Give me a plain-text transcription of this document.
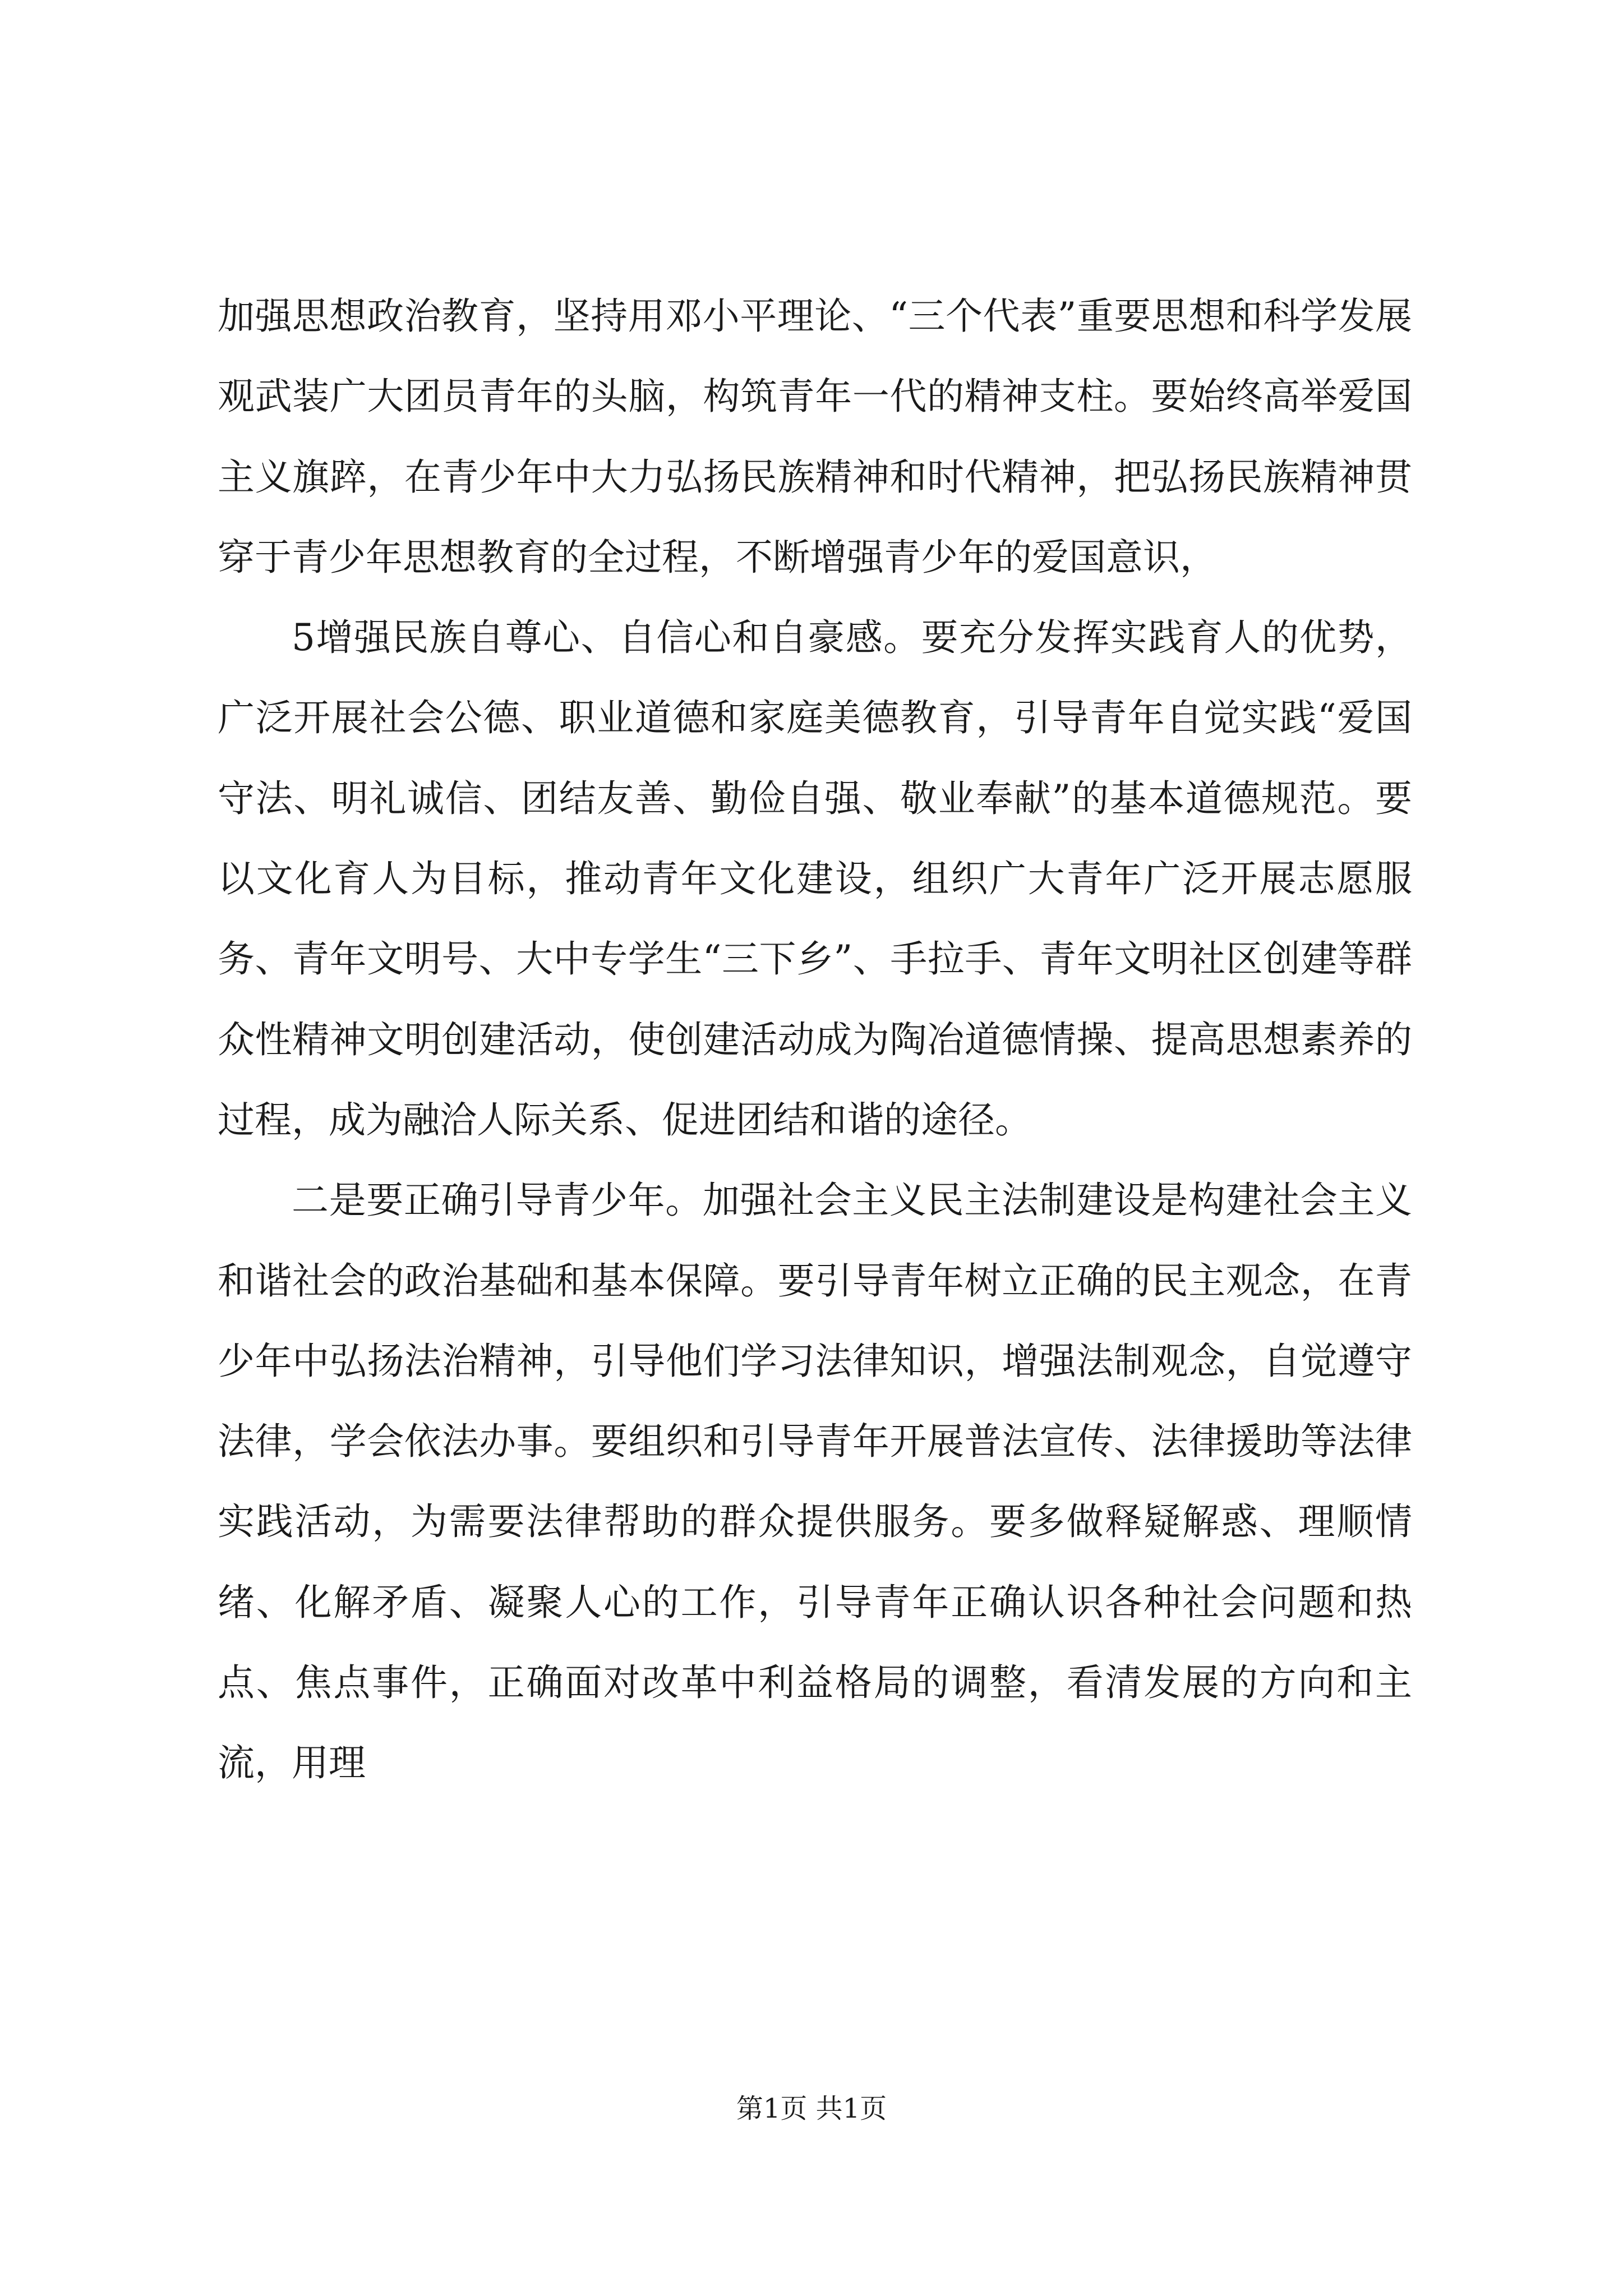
加强思想政治教育，坚持用邓小平理论、“三个代表”重要思想和科学发展观武装广大团员青年的头脑，构筑青年一代的精神支柱。要始终高举爱国主义旗踤，在青少年中大力弘扬民族精神和时代精神，把弘扬民族精神贯穿于青少年思想教育的全过程，不断增强青少年的爱国意识，

5增强民族自尊心、自信心和自豪感。要充分发挥实践育人的优势，广泛开展社会公德、职业道德和家庭美德教育，引导青年自觉实践“爱国守法、明礼诚信、团结友善、勤俭自强、敬业奉献”的基本道德规范。要以文化育人为目标，推动青年文化建设，组织广大青年广泛开展志愿服务、青年文明号、大中专学生“三下乡”、手拉手、青年文明社区创建等群众性精神文明创建活动，使创建活动成为陶冶道德情操、提高思想素养的过程，成为融洽人际关系、促进团结和谐的途径。

二是要正确引导青少年。加强社会主义民主法制建设是构建社会主义和谐社会的政治基础和基本保障。要引导青年树立正确的民主观念，在青少年中弘扬法治精神，引导他们学习法律知识，增强法制观念，自觉遵守法律，学会依法办事。要组织和引导青年开展普法宣传、法律援助等法律实践活动，为需要法律帮助的群众提供服务。要多做释疑解惑、理顺情绪、化解矛盾、凝聚人心的工作，引导青年正确认识各种社会问题和热点、焦点事件，正确面对改革中利益格局的调整，看清发展的方向和主流，用理

第1页 共1页
